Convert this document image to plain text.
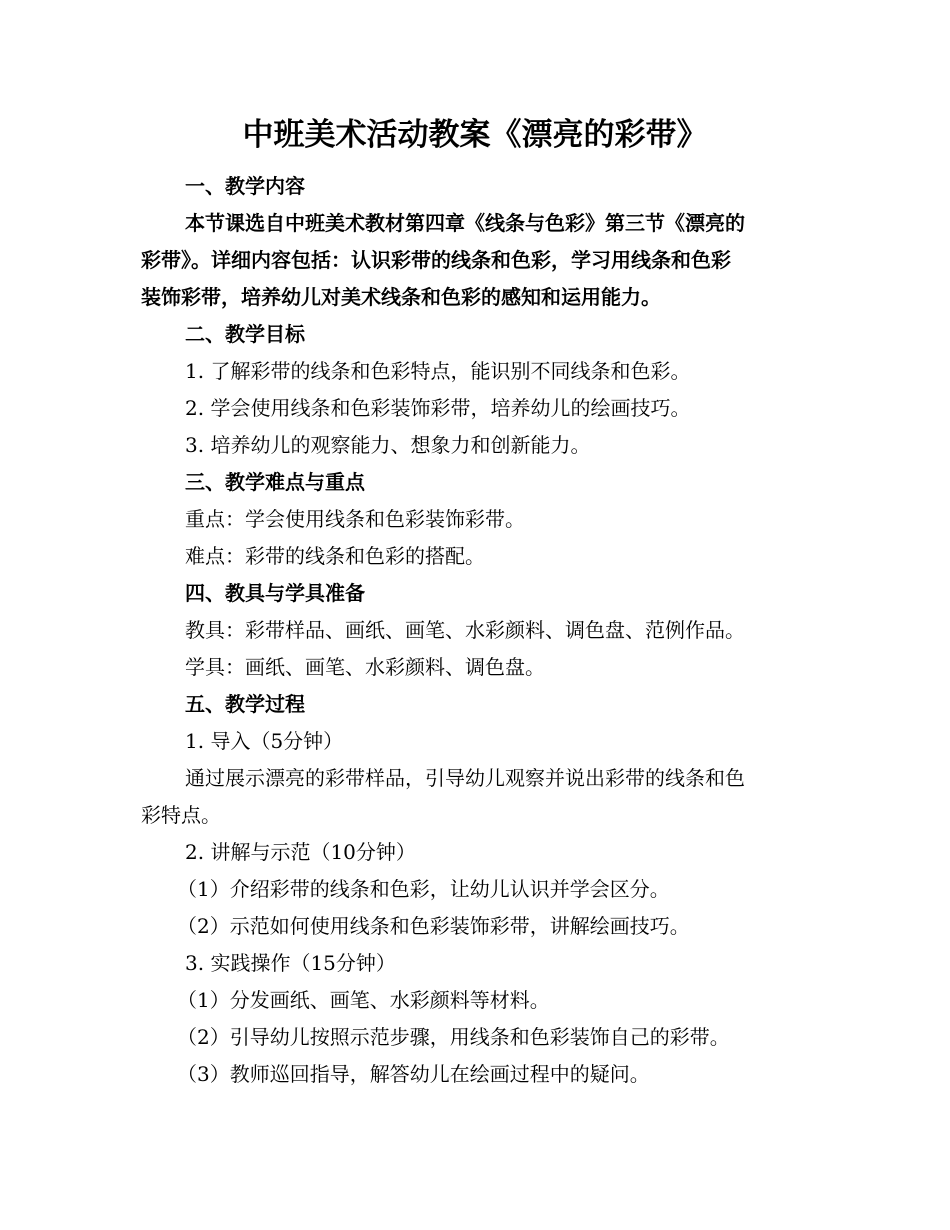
中班美术活动教案《漂亮的彩带》
一、教学内容
本节课选自中班美术教材第四章《线条与色彩》第三节《漂亮的
彩带》。详细内容包括：认识彩带的线条和色彩，学习用线条和色彩
装饰彩带，培养幼儿对美术线条和色彩的感知和运用能力。
二、教学目标
1. 了解彩带的线条和色彩特点，能识别不同线条和色彩。
2. 学会使用线条和色彩装饰彩带，培养幼儿的绘画技巧。
3. 培养幼儿的观察能力、想象力和创新能力。
三、教学难点与重点
重点：学会使用线条和色彩装饰彩带。
难点：彩带的线条和色彩的搭配。
四、教具与学具准备
教具：彩带样品、画纸、画笔、水彩颜料、调色盘、范例作品。
学具：画纸、画笔、水彩颜料、调色盘。
五、教学过程
1. 导入（5分钟）
通过展示漂亮的彩带样品，引导幼儿观察并说出彩带的线条和色
彩特点。
2. 讲解与示范（10分钟）
（1）介绍彩带的线条和色彩，让幼儿认识并学会区分。
（2）示范如何使用线条和色彩装饰彩带，讲解绘画技巧。
3. 实践操作（15分钟）
（1）分发画纸、画笔、水彩颜料等材料。
（2）引导幼儿按照示范步骤，用线条和色彩装饰自己的彩带。
（3）教师巡回指导，解答幼儿在绘画过程中的疑问。
